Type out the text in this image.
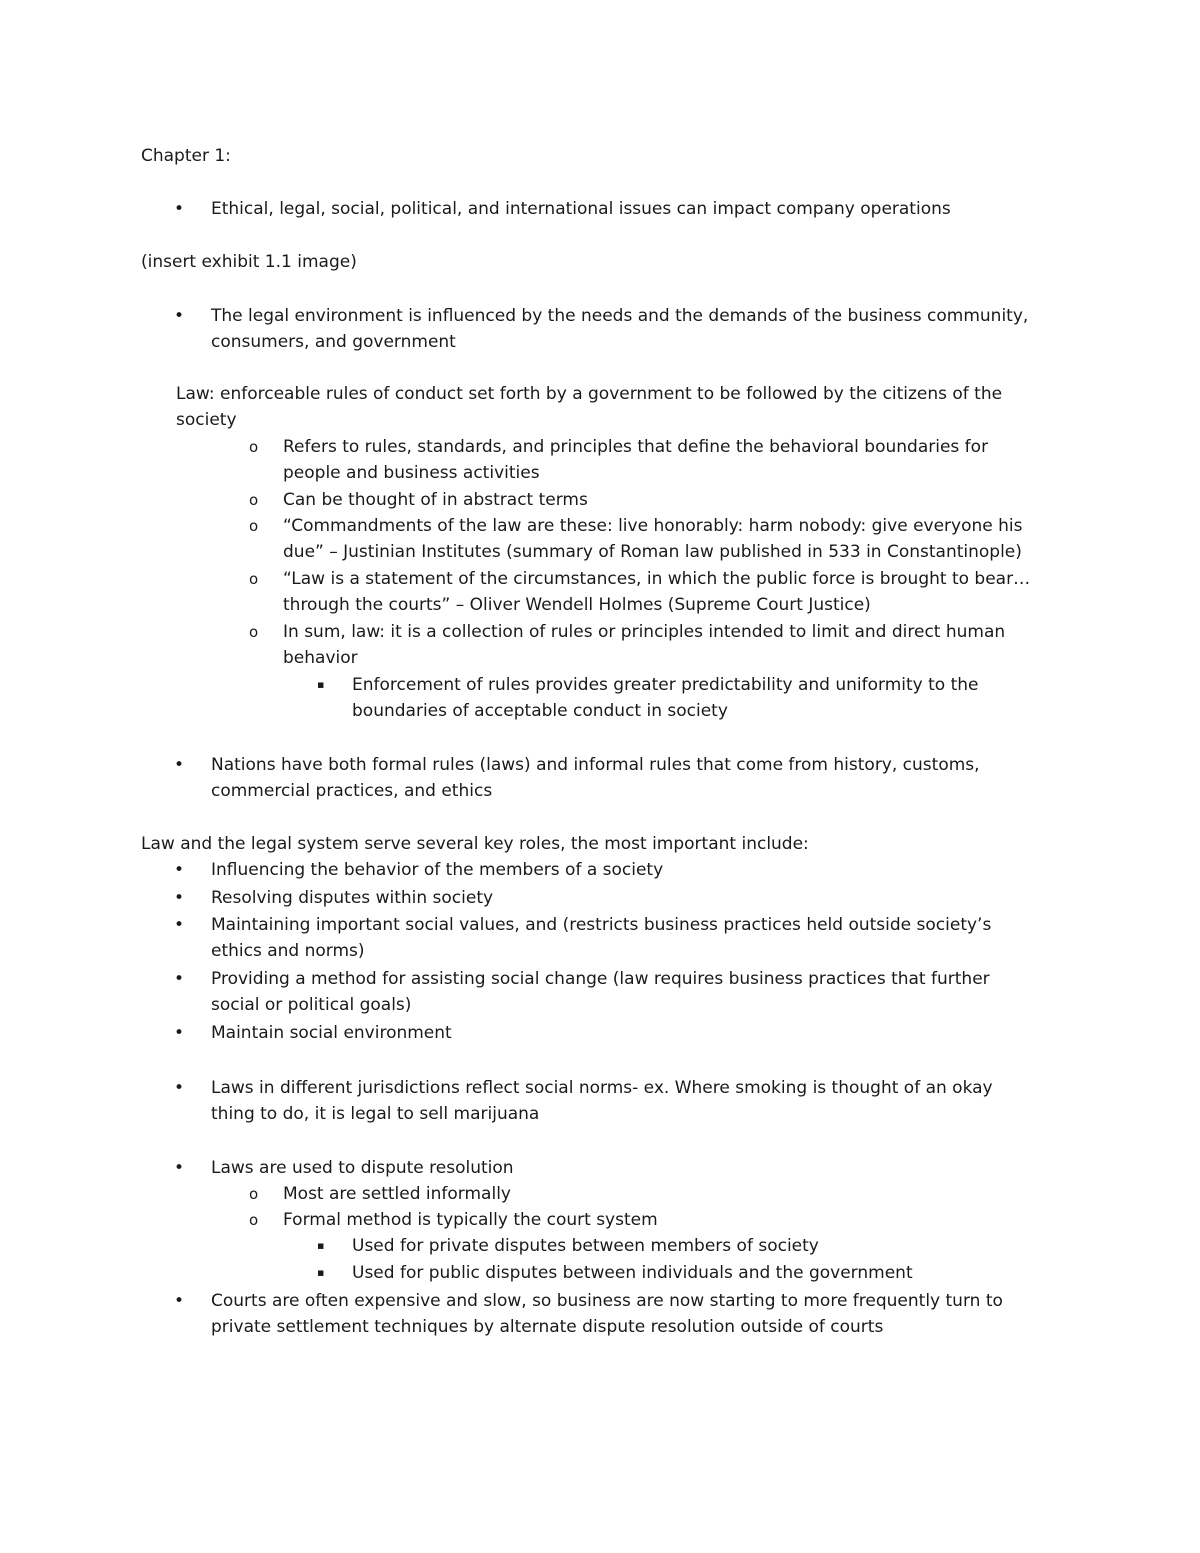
Chapter 1:
• Ethical, legal, social, political, and international issues can impact company operations
(insert exhibit 1.1 image)
• The legal environment is influenced by the needs and the demands of the business community,
consumers, and government
Law: enforceable rules of conduct set forth by a government to be followed by the citizens of the
society
o Refers to rules, standards, and principles that define the behavioral boundaries for
people and business activities
o Can be thought of in abstract terms
o “Commandments of the law are these: live honorably: harm nobody: give everyone his
due” – Justinian Institutes (summary of Roman law published in 533 in Constantinople)
o “Law is a statement of the circumstances, in which the public force is brought to bear…
through the courts” – Oliver Wendell Holmes (Supreme Court Justice)
o In sum, law: it is a collection of rules or principles intended to limit and direct human
behavior
▪ Enforcement of rules provides greater predictability and uniformity to the
boundaries of acceptable conduct in society
• Nations have both formal rules (laws) and informal rules that come from history, customs,
commercial practices, and ethics
Law and the legal system serve several key roles, the most important include:
• Influencing the behavior of the members of a society
• Resolving disputes within society
• Maintaining important social values, and (restricts business practices held outside society’s
ethics and norms)
• Providing a method for assisting social change (law requires business practices that further
social or political goals)
• Maintain social environment
• Laws in different jurisdictions reflect social norms- ex. Where smoking is thought of an okay
thing to do, it is legal to sell marijuana
• Laws are used to dispute resolution
o Most are settled informally
o Formal method is typically the court system
▪ Used for private disputes between members of society
▪ Used for public disputes between individuals and the government
• Courts are often expensive and slow, so business are now starting to more frequently turn to
private settlement techniques by alternate dispute resolution outside of courts
